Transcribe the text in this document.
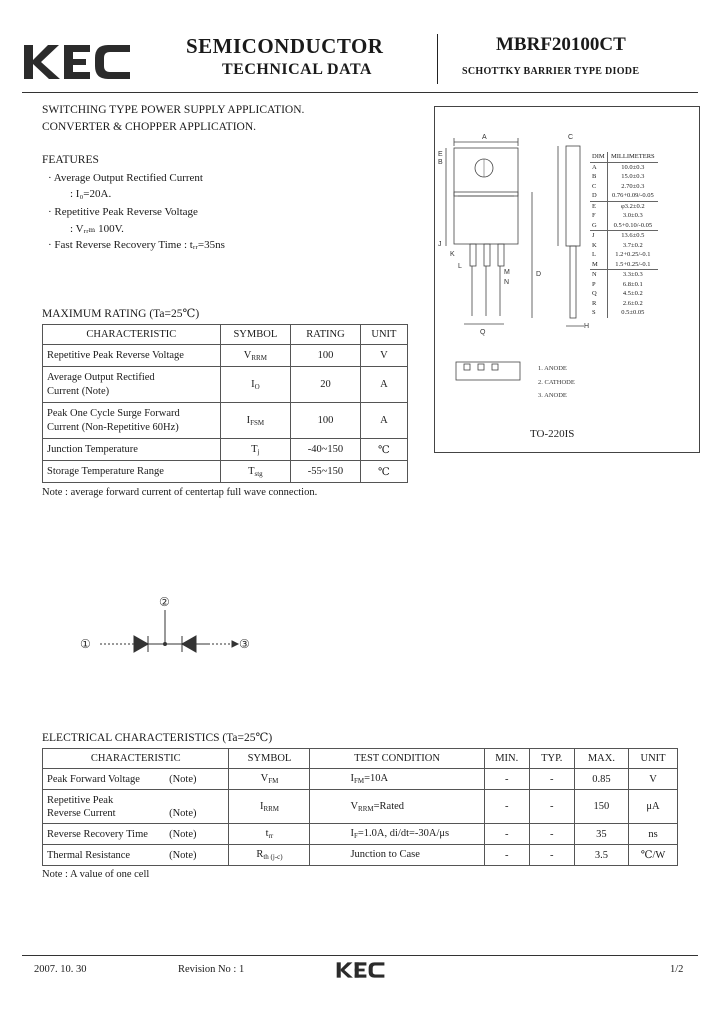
SEMICONDUCTOR
TECHNICAL DATA
MBRF20100CT
SCHOTTKY BARRIER TYPE DIODE
SWITCHING TYPE POWER SUPPLY APPLICATION.
CONVERTER & CHOPPER APPLICATION.
FEATURES
· Average Output Rectified Current
: I₀=20A.
· Repetitive Peak Reverse Voltage
: Vᵣᵣₘ 100V.
· Fast Reverse Recovery Time : tᵣᵣ=35ns
MAXIMUM RATING (Ta=25℃)
CHARACTERISTIC	SYMBOL	RATING	UNIT
Repetitive Peak Reverse Voltage	$V_{RRM}$	100	V

Average Output Rectified
Current (Note)	$I_O$	20	A

Peak One Cycle Surge Forward
Current (Non-Repetitive 60Hz)	$I_{FSM}$	100	A
Junction Temperature	$T_j$	-40~150	℃
Storage Temperature Range	$T_{stg}$	-55~150	℃
Note : average forward current of centertap full wave connection.
A
B
C
D
E
H
J
K
L
M
N
Q
1. ANODE
2. CATHODE
3. ANODE
TO-220IS
DIM	MILLIMETERS
A	10.0±0.3
B	15.0±0.3
C	2.70±0.3
D	0.76+0.09/-0.05
E	φ3.2±0.2
F	3.0±0.3
G	0.5+0.10/-0.05
J	13.6±0.5
K	3.7±0.2
L	1.2+0.25/-0.1
M	1.5+0.25/-0.1
N	3.3±0.3
P	6.8±0.1
Q	4.5±0.2
R	2.6±0.2
S	0.5±0.05
①
②
③
ELECTRICAL CHARACTERISTICS (Ta=25℃)
CHARACTERISTIC	SYMBOL	TEST CONDITION	MIN.	TYP.	MAX.	UNIT
Peak Forward Voltage (Note)	$V_{FM}$	$I_{FM}=10A$	-	-	0.85	V

Repetitive Peak
Reverse Current (Note)	$I_{RRM}$	$V_{RRM}=Rated$	-	-	150	μA
Reverse Recovery Time (Note)	$t_{rr}$	$I_F=1.0A$, di/dt=-30A/μs	-	-	35	ns
Thermal Resistance (Note)	$R_{th (j-c)}$	Junction to Case	-	-	3.5	℃/W
Note : A value of one cell
2007. 10. 30	Revision No : 1	1/2
